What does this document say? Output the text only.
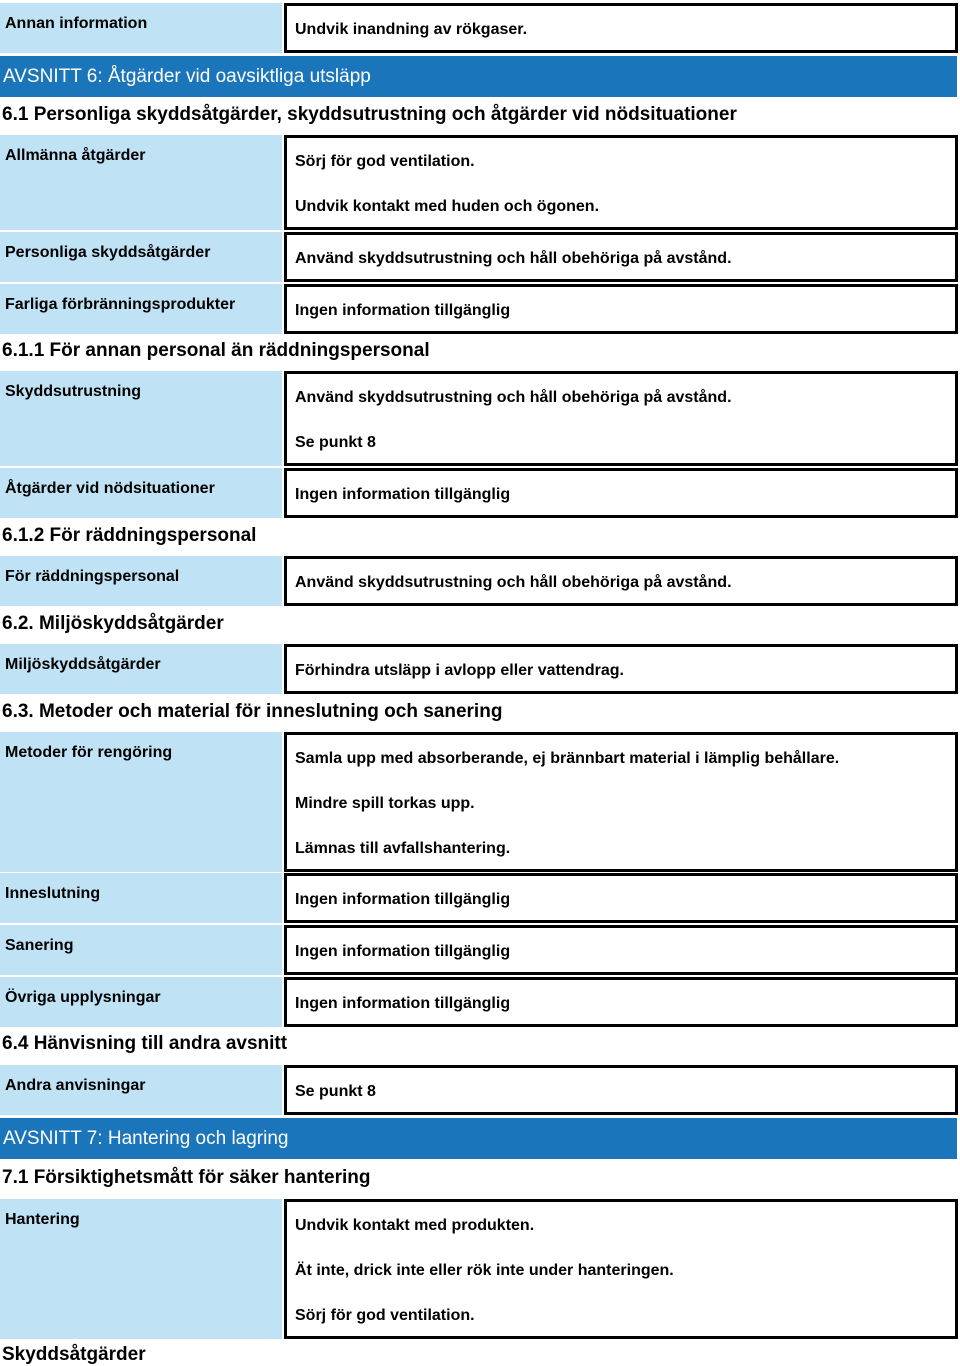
Annan information	Undvik inandning av rökgaser.
AVSNITT 6: Åtgärder vid oavsiktliga utsläpp
6.1 Personliga skyddsåtgärder, skyddsutrustning och åtgärder vid nödsituationer
Allmänna åtgärder	Sörj för god ventilation.
Undvik kontakt med huden och ögonen.
Personliga skyddsåtgärder	Använd skyddsutrustning och håll obehöriga på avstånd.
Farliga förbränningsprodukter	Ingen information tillgänglig
6.1.1 För annan personal än räddningspersonal
Skyddsutrustning	Använd skyddsutrustning och håll obehöriga på avstånd.
Se punkt 8
Åtgärder vid nödsituationer	Ingen information tillgänglig
6.1.2 För räddningspersonal
För räddningspersonal	Använd skyddsutrustning och håll obehöriga på avstånd.
6.2. Miljöskyddsåtgärder
Miljöskyddsåtgärder	Förhindra utsläpp i avlopp eller vattendrag.
6.3. Metoder och material för inneslutning och sanering
Metoder för rengöring	Samla upp med absorberande, ej brännbart material i lämplig behållare.
Mindre spill torkas upp.
Lämnas till avfallshantering.
Inneslutning	Ingen information tillgänglig
Sanering	Ingen information tillgänglig
Övriga upplysningar	Ingen information tillgänglig
6.4 Hänvisning till andra avsnitt
Andra anvisningar	Se punkt 8
AVSNITT 7: Hantering och lagring
7.1 Försiktighetsmått för säker hantering
Hantering	Undvik kontakt med produkten.
Ät inte, drick inte eller rök inte under hanteringen.
Sörj för god ventilation.
Skyddsåtgärder
